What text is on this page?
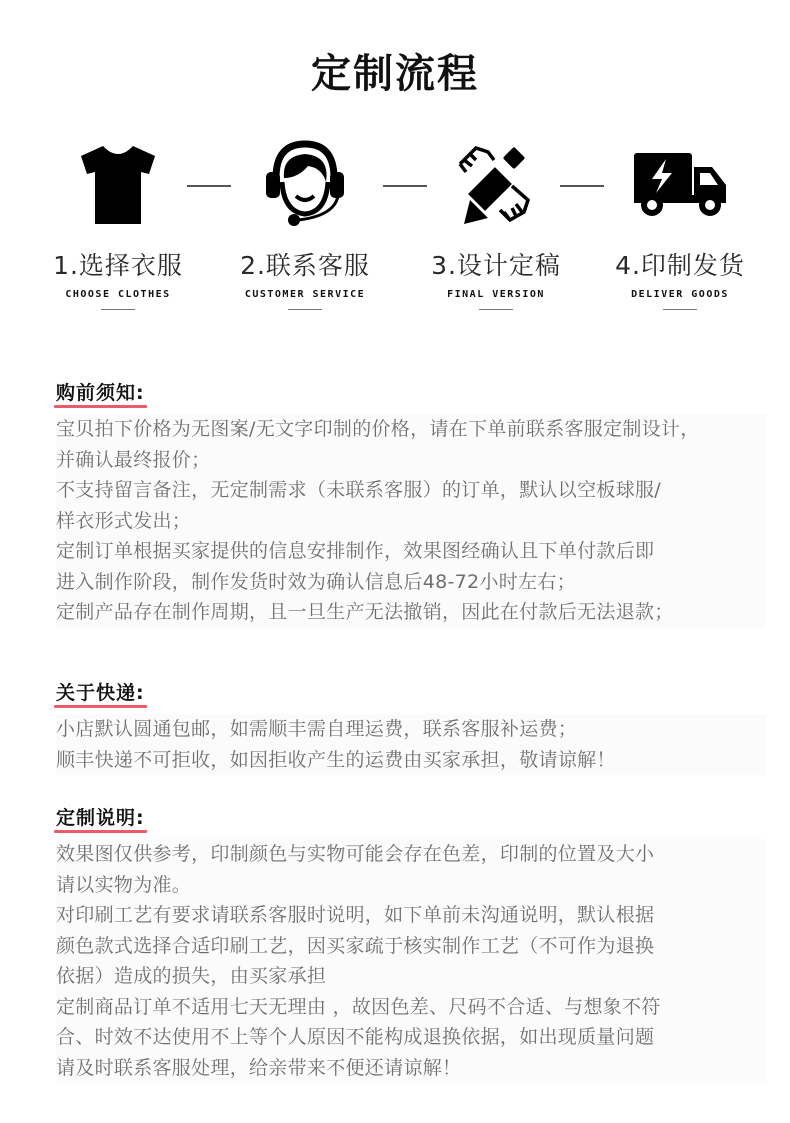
定制流程
1.选择衣服
CHOOSE CLOTHES
2.联系客服
CUSTOMER SERVICE
3.设计定稿
FINAL VERSION
4.印制发货
DELIVER GOODS
购前须知:
宝贝拍下价格为无图案/无文字印制的价格，请在下单前联系客服定制设计，
并确认最终报价；
不支持留言备注，无定制需求（未联系客服）的订单，默认以空板球服/
样衣形式发出；
定制订单根据买家提供的信息安排制作，效果图经确认且下单付款后即
进入制作阶段，制作发货时效为确认信息后48-72小时左右；
定制产品存在制作周期，且一旦生产无法撤销，因此在付款后无法退款；
关于快递:
小店默认圆通包邮，如需顺丰需自理运费，联系客服补运费；
顺丰快递不可拒收，如因拒收产生的运费由买家承担，敬请谅解！
定制说明:
效果图仅供参考，印制颜色与实物可能会存在色差，印制的位置及大小
请以实物为准。
对印刷工艺有要求请联系客服时说明，如下单前未沟通说明，默认根据
颜色款式选择合适印刷工艺，因买家疏于核实制作工艺（不可作为退换
依据）造成的损失，由买家承担
定制商品订单不适用七天无理由 ，故因色差、尺码不合适、与想象不符
合、时效不达使用不上等个人原因不能构成退换依据，如出现质量问题
请及时联系客服处理，给亲带来不便还请谅解！
